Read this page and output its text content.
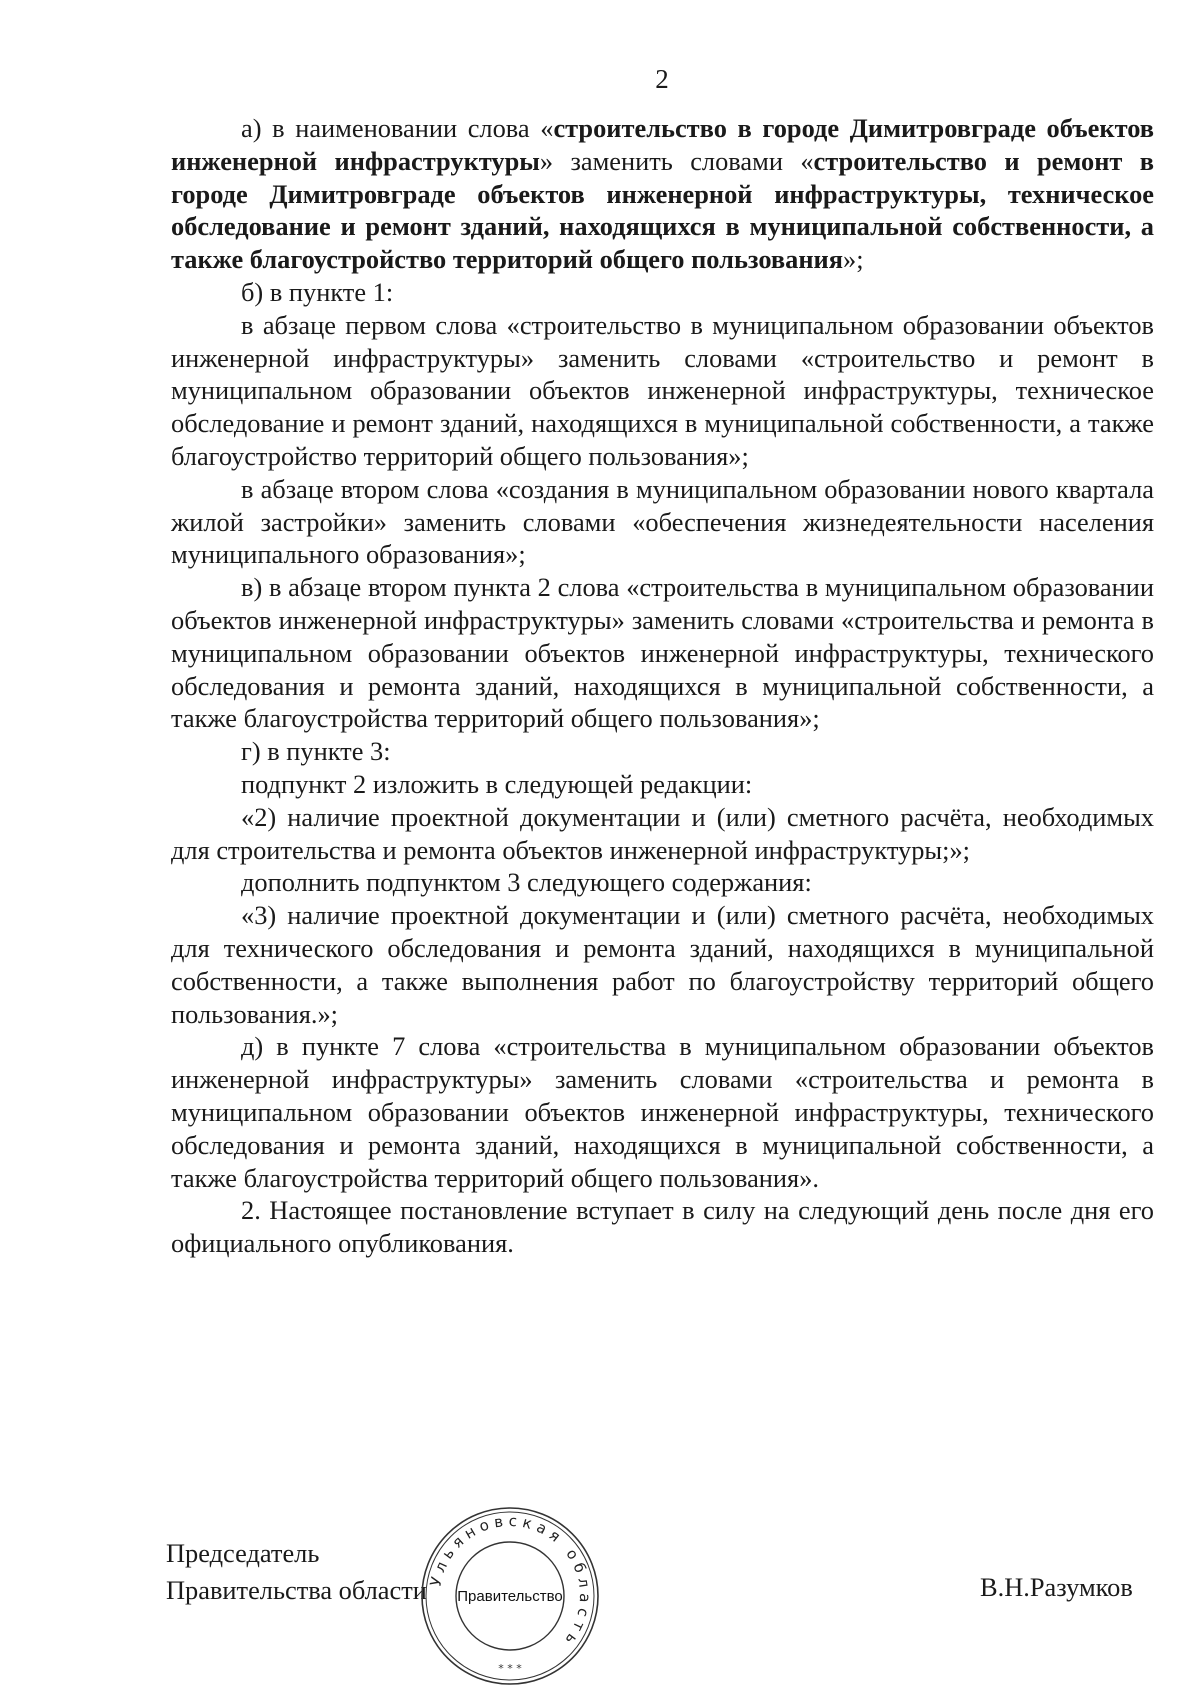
2

а) в наименовании слова «строительство в городе Димитровграде объектов инженерной инфраструктуры» заменить словами «строительство и ремонт в городе Димитровграде объектов инженерной инфраструктуры, техническое обследование и ремонт зданий, находящихся в муниципальной собственности, а также благоустройство территорий общего пользования»;

б) в пункте 1:

в абзаце первом слова «строительство в муниципальном образовании объектов инженерной инфраструктуры» заменить словами «строительство и ремонт в муниципальном образовании объектов инженерной инфраструктуры, техническое обследование и ремонт зданий, находящихся в муниципальной собственности, а также благоустройство территорий общего пользования»;

в абзаце втором слова «создания в муниципальном образовании нового квартала жилой застройки» заменить словами «обеспечения жизнедеятельности населения муниципального образования»;

в) в абзаце втором пункта 2 слова «строительства в муниципальном образовании объектов инженерной инфраструктуры» заменить словами «строительства и ремонта в муниципальном образовании объектов инженерной инфраструктуры, технического обследования и ремонта зданий, находящихся в муниципальной собственности, а также благоустройства территорий общего пользования»;

г) в пункте 3:

подпункт 2 изложить в следующей редакции:

«2) наличие проектной документации и (или) сметного расчёта, необходимых для строительства и ремонта объектов инженерной инфраструктуры;»;

дополнить подпунктом 3 следующего содержания:

«3) наличие проектной документации и (или) сметного расчёта, необходимых для технического обследования и ремонта зданий, находящихся в муниципальной собственности, а также выполнения работ по благоустройству территорий общего пользования.»;

д) в пункте 7 слова «строительства в муниципальном образовании объектов инженерной инфраструктуры» заменить словами «строительства и ремонта в муниципальном образовании объектов инженерной инфраструктуры, технического обследования и ремонта зданий, находящихся в муниципальной собственности, а также благоустройства территорий общего пользования».

2. Настоящее постановление вступает в силу на следующий день после дня его официального опубликования.

Председатель
Правительства области Ульяновская область
Правительство
* * *
В.Н.Разумков
